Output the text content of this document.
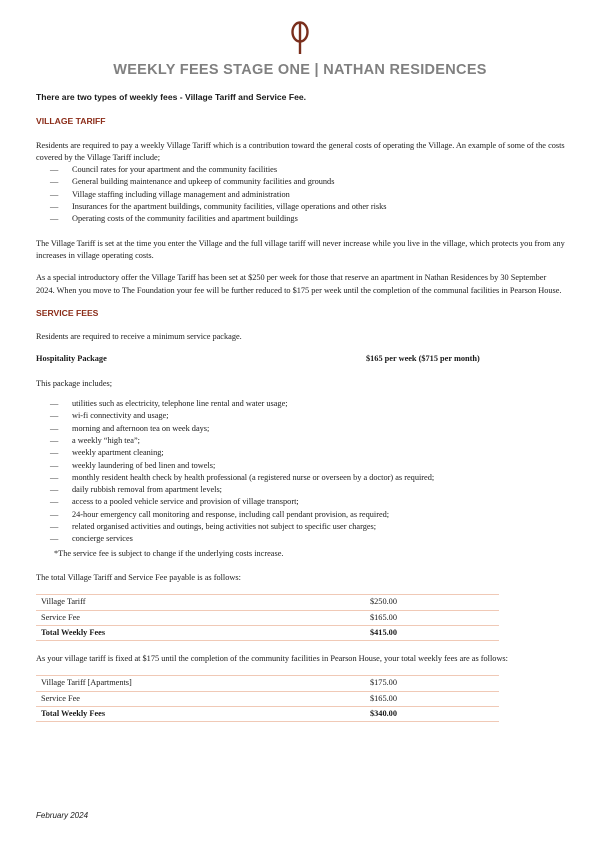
WEEKLY FEES STAGE ONE | NATHAN RESIDENCES

There are two types of weekly fees - Village Tariff and Service Fee.

VILLAGE TARIFF

Residents are required to pay a weekly Village Tariff which is a contribution toward the general costs of operating the Village. An example of some of the costs covered by the Village Tariff include;

— Council rates for your apartment and the community facilities
— General building maintenance and upkeep of community facilities and grounds
— Village staffing including village management and administration
— Insurances for the apartment buildings, community facilities, village operations and other risks
— Operating costs of the community facilities and apartment buildings

The Village Tariff is set at the time you enter the Village and the full village tariff will never increase while you live in the village, which protects you from any increases in village operating costs.

As a special introductory offer the Village Tariff has been set at $250 per week for those that reserve an apartment in Nathan Residences by 30 September 2024. When you move to The Foundation your fee will be further reduced to $175 per week until the completion of the communal facilities in Pearson House.

SERVICE FEES

Residents are required to receive a minimum service package.

Hospitality Package	$165 per week ($715 per month)

This package includes;

— utilities such as electricity, telephone line rental and water usage;
— wi-fi connectivity and usage;
— morning and afternoon tea on week days;
— a weekly “high tea”;
— weekly apartment cleaning;
— weekly laundering of bed linen and towels;
— monthly resident health check by health professional (a registered nurse or overseen by a doctor) as required;
— daily rubbish removal from apartment levels;
— access to a pooled vehicle service and provision of village transport;
— 24-hour emergency call monitoring and response, including call pendant provision, as required;
— related organised activities and outings, being activities not subject to specific user charges;
— concierge services

*The service fee is subject to change if the underlying costs increase.

The total Village Tariff and Service Fee payable is as follows:

Village Tariff	$250.00
Service Fee	$165.00
Total Weekly Fees	$415.00

As your village tariff is fixed at $175 until the completion of the community facilities in Pearson House, your total weekly fees are as follows:

Village Tariff [Apartments]	$175.00
Service Fee	$165.00
Total Weekly Fees	$340.00
February 2024
